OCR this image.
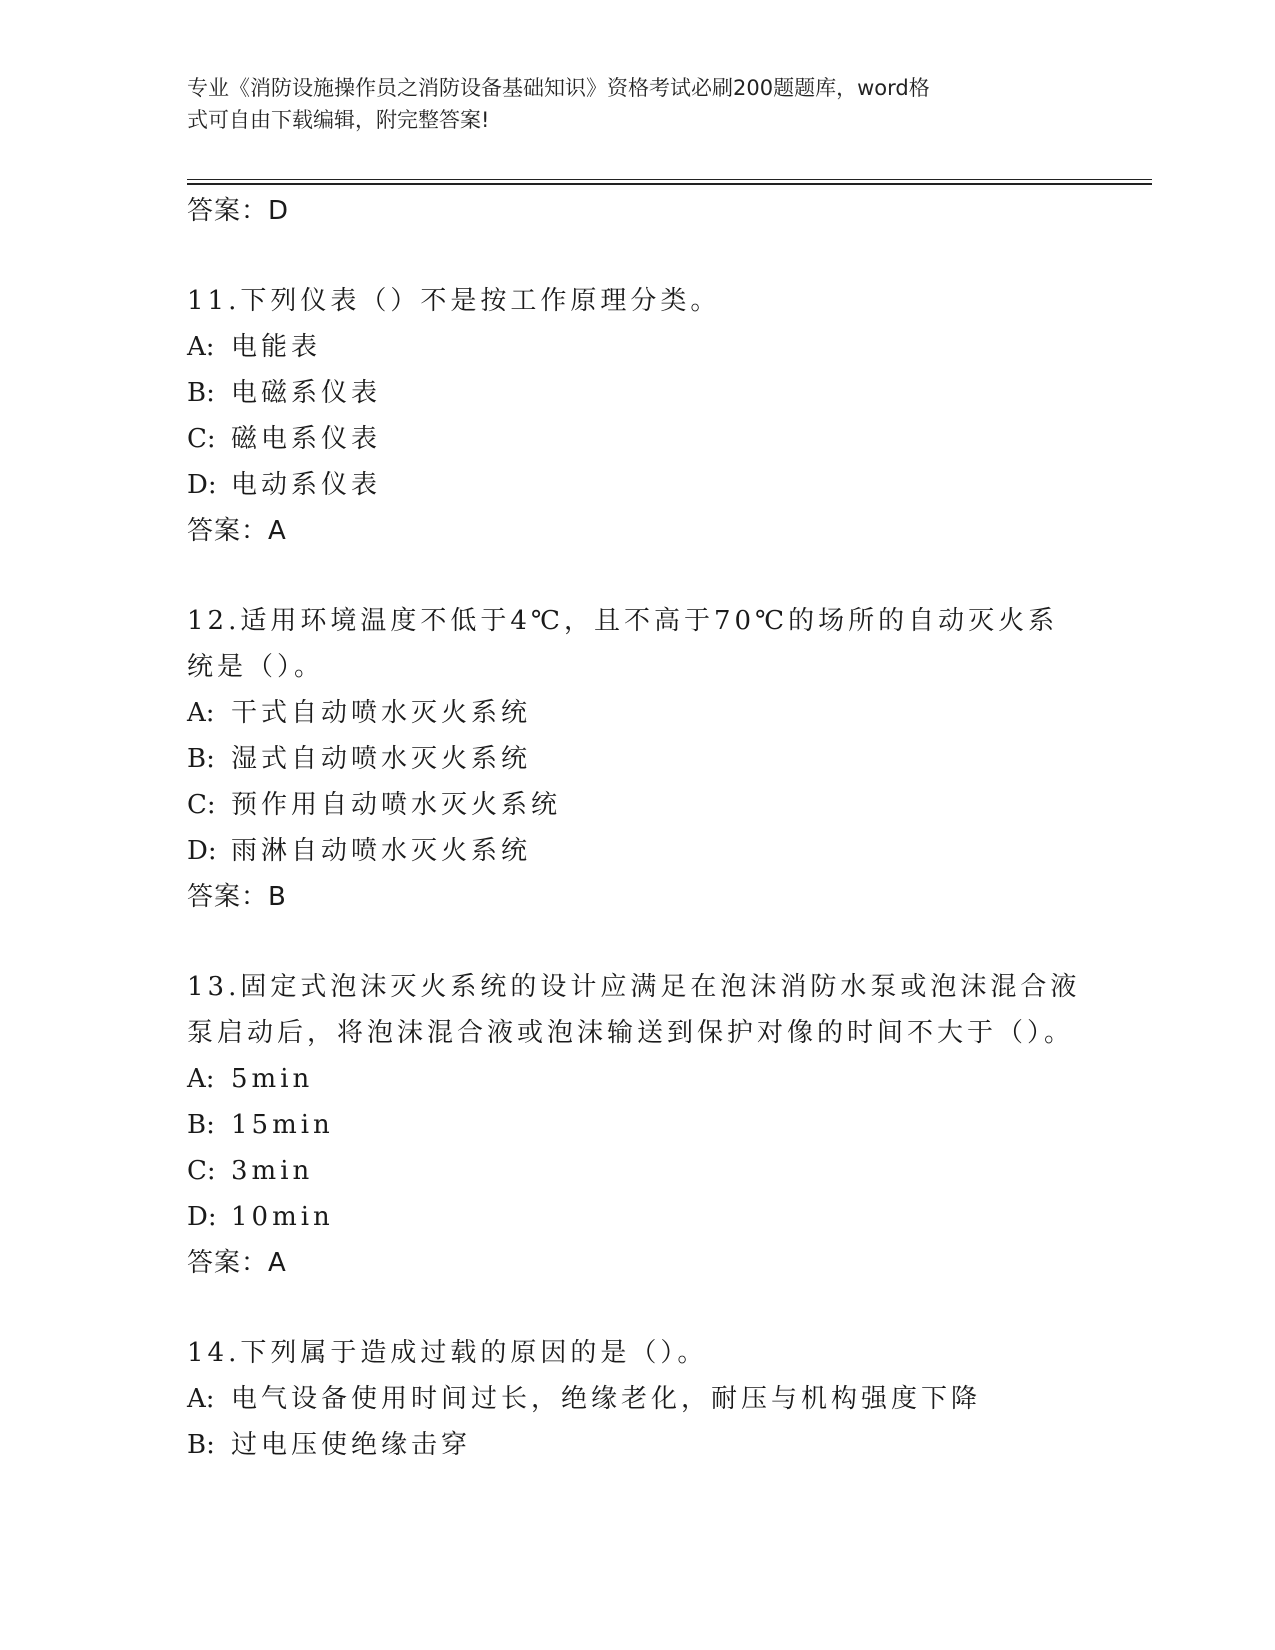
专业《消防设施操作员之消防设备基础知识》资格考试必刷200题题库，word格
式可自由下载编辑，附完整答案!
答案：D
11.下列仪表（）不是按工作原理分类。
A: 电能表
B: 电磁系仪表
C: 磁电系仪表
D: 电动系仪表
答案：A
12.适用环境温度不低于4℃，且不高于70℃的场所的自动灭火系统是（）。
A: 干式自动喷水灭火系统
B: 湿式自动喷水灭火系统
C: 预作用自动喷水灭火系统
D: 雨淋自动喷水灭火系统
答案：B
13.固定式泡沫灭火系统的设计应满足在泡沫消防水泵或泡沫混合液泵启动后，将泡沫混合液或泡沫输送到保护对像的时间不大于（）。
A: 5min
B: 15min
C: 3min
D: 10min
答案：A
14.下列属于造成过载的原因的是（）。
A: 电气设备使用时间过长，绝缘老化，耐压与机构强度下降
B: 过电压使绝缘击穿
